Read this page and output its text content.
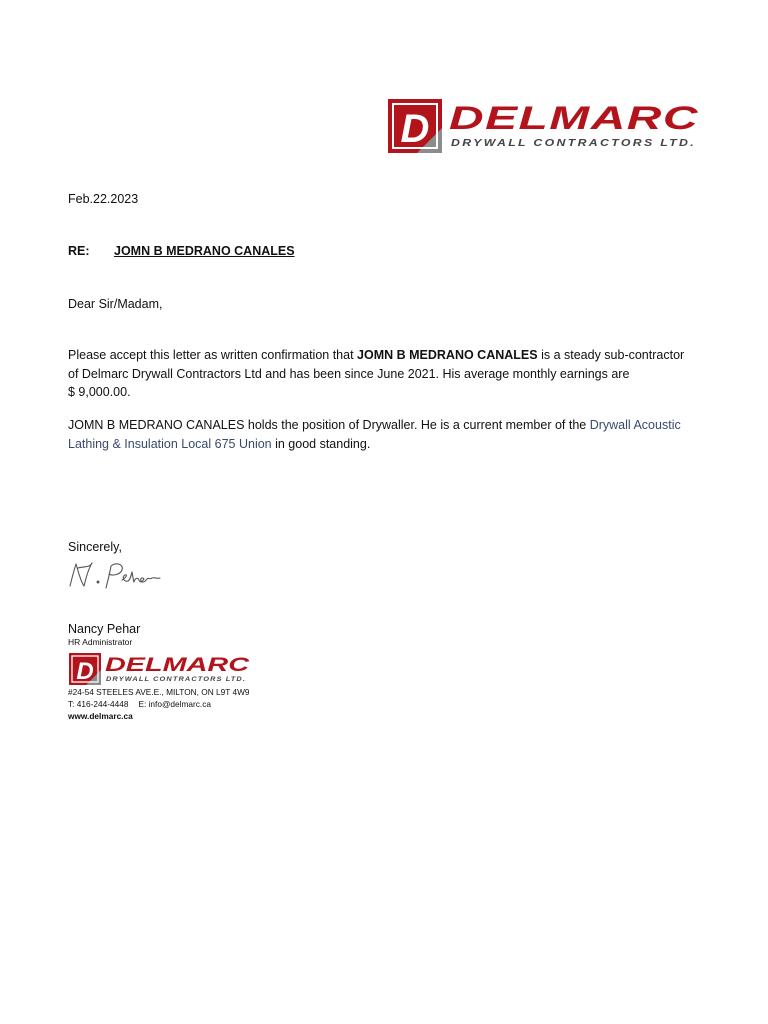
D DELMARC
DRYWALL CONTRACTORS LTD.
Feb.22.2023
RE: JOMN B MEDRANO CANALES
Dear Sir/Madam,
Please accept this letter as written confirmation that JOMN B MEDRANO CANALES is a steady sub-contractor
of Delmarc Drywall Contractors Ltd and has been since June 2021. His average monthly earnings are
$ 9,000.00.
JOMN B MEDRANO CANALES holds the position of Drywaller. He is a current member of the Drywall Acoustic
Lathing & Insulation Local 675 Union in good standing.
Sincerely,
Nancy Pehar
HR Administrator
D DELMARC
DRYWALL CONTRACTORS LTD.
#24-54 STEELES AVE.E., MILTON, ON L9T 4W9
T: 416-244-4448 E: info@delmarc.ca
www.delmarc.ca
